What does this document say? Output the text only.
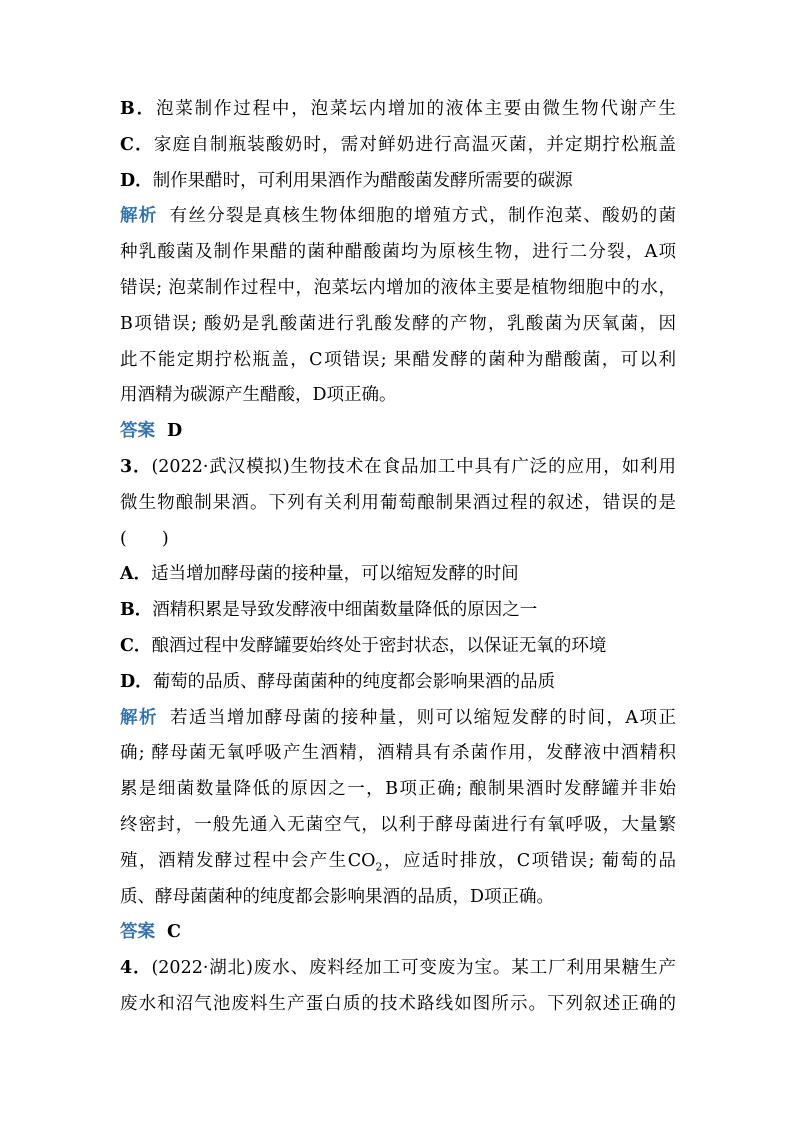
B．泡菜制作过程中，泡菜坛内增加的液体主要由微生物代谢产生
C．家庭自制瓶装酸奶时，需对鲜奶进行高温灭菌，并定期拧松瓶盖
D．制作果醋时，可利用果酒作为醋酸菌发酵所需要的碳源
解析 有丝分裂是真核生物体细胞的增殖方式，制作泡菜、酸奶的菌
种乳酸菌及制作果醋的菌种醋酸菌均为原核生物，进行二分裂，A项
错误; 泡菜制作过程中，泡菜坛内增加的液体主要是植物细胞中的水，
B项错误; 酸奶是乳酸菌进行乳酸发酵的产物，乳酸菌为厌氧菌，因
此不能定期拧松瓶盖，C项错误; 果醋发酵的菌种为醋酸菌，可以利
用酒精为碳源产生醋酸，D项正确。
答案 D
3．(2022·武汉模拟)生物技术在食品加工中具有广泛的应用，如利用
微生物酿制果酒。下列有关利用葡萄酿制果酒过程的叙述，错误的是
(　　)
A．适当增加酵母菌的接种量，可以缩短发酵的时间
B．酒精积累是导致发酵液中细菌数量降低的原因之一
C．酿酒过程中发酵罐要始终处于密封状态，以保证无氧的环境
D．葡萄的品质、酵母菌菌种的纯度都会影响果酒的品质
解析 若适当增加酵母菌的接种量，则可以缩短发酵的时间，A项正
确; 酵母菌无氧呼吸产生酒精，酒精具有杀菌作用，发酵液中酒精积
累是细菌数量降低的原因之一，B项正确; 酿制果酒时发酵罐并非始
终密封，一般先通入无菌空气，以利于酵母菌进行有氧呼吸，大量繁
殖，酒精发酵过程中会产生$CO_2$，应适时排放，C项错误; 葡萄的品
质、酵母菌菌种的纯度都会影响果酒的品质，D项正确。
答案 C
4．(2022·湖北)废水、废料经加工可变废为宝。某工厂利用果糖生产
废水和沼气池废料生产蛋白质的技术路线如图所示。下列叙述正确的
